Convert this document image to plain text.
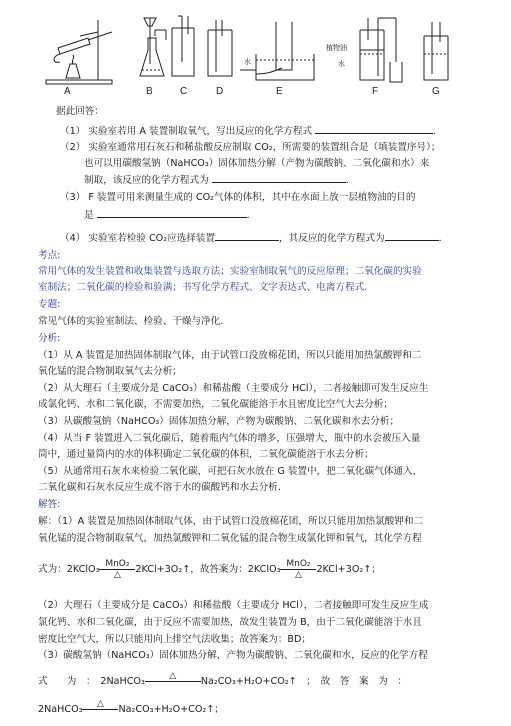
A	B	C	D
水
E
植物油
水
F	G
据此回答：
（1） 实验室若用 A 装置制取氧气，写出反应的化学方程式	.
（2） 实验室通常用石灰石和稀盐酸反应制取 CO₂，所需要的装置组合是（填装置序号）；
也可以用碳酸氢钠（NaHCO₃）固体加热分解（产物为碳酸钠、二氧化碳和水）来
制取，该反应的化学方程式为	.
（3） F 装置可用来测量生成的 CO₂气体的体积，其中在水面上放一层植物油的目的
是	.
（4） 实验室若检验 CO₂应选择装置	，其反应的化学方程式为	.
考点:
常用气体的发生装置和收集装置与选取方法；实验室制取氧气的反应原理；二氧化碳的实验
室制法；二氧化碳的检验和验满；书写化学方程式、文字表达式、电离方程式.
专题:
常见气体的实验室制法、检验、干燥与净化.
分析:
（1）从 A 装置是加热固体制取气体，由于试管口没放棉花团，所以只能用加热氯酸钾和二
氧化锰的混合物制取氧气去分析；
（2）从大理石（主要成分是 CaCO₃）和稀盐酸（主要成分 HCl），二者接触即可发生反应生
成氯化钙、水和二氧化碳，不需要加热，二氧化碳能溶于水且密度比空气大去分析；
（3）从碳酸氢钠（NaHCO₃）固体加热分解，产物为碳酸钠、二氧化碳和水去分析；
（4）从当 F 装置进入二氧化碳后，随着瓶内气体的增多，压强增大，瓶中的水会被压入量
筒中，通过量筒内的水的体积确定二氧化碳的体积，二氧化碳能溶于水去分析；
（5）从通常用石灰水来检验二氧化碳，可把石灰水放在 G 装置中，把二氧化碳气体通入，
二氧化碳和石灰水反应生成不溶于水的碳酸钙和水去分析.
解答:
解：（1）A 装置是加热固体制取气体，由于试管口没放棉花团，所以只能用加热氯酸钾和二
氧化锰的混合物制取氧气，加热氯酸钾和二氧化锰的混合物生成氯化钾和氧气，其化学方程
式为：2KClO₃ MnO₂
△	2KCl+3O₂↑，故答案为：2KClO₃ MnO₂
△	2KCl+3O₂↑；
（2）大理石（主要成分是 CaCO₃）和稀盐酸（主要成分 HCl），二者接触即可发生反应生成
氯化钙、水和二氧化碳，由于反应不需要加热，故发生装置为 B，由于二氧化碳能溶于水且
密度比空气大，所以只能用向上排空气法收集；故答案为：BD；
（3）碳酸氢钠（NaHCO₃）固体加热分解，产物为碳酸钠、二氧化碳和水，反应的化学方程
式　　为　：　2NaHCO₃	△	Na₂CO₃+H₂O+CO₂↑　；　故　答　案　为　：
2NaHCO₃	△	Na₂CO₃+H₂O+CO₂↑；
